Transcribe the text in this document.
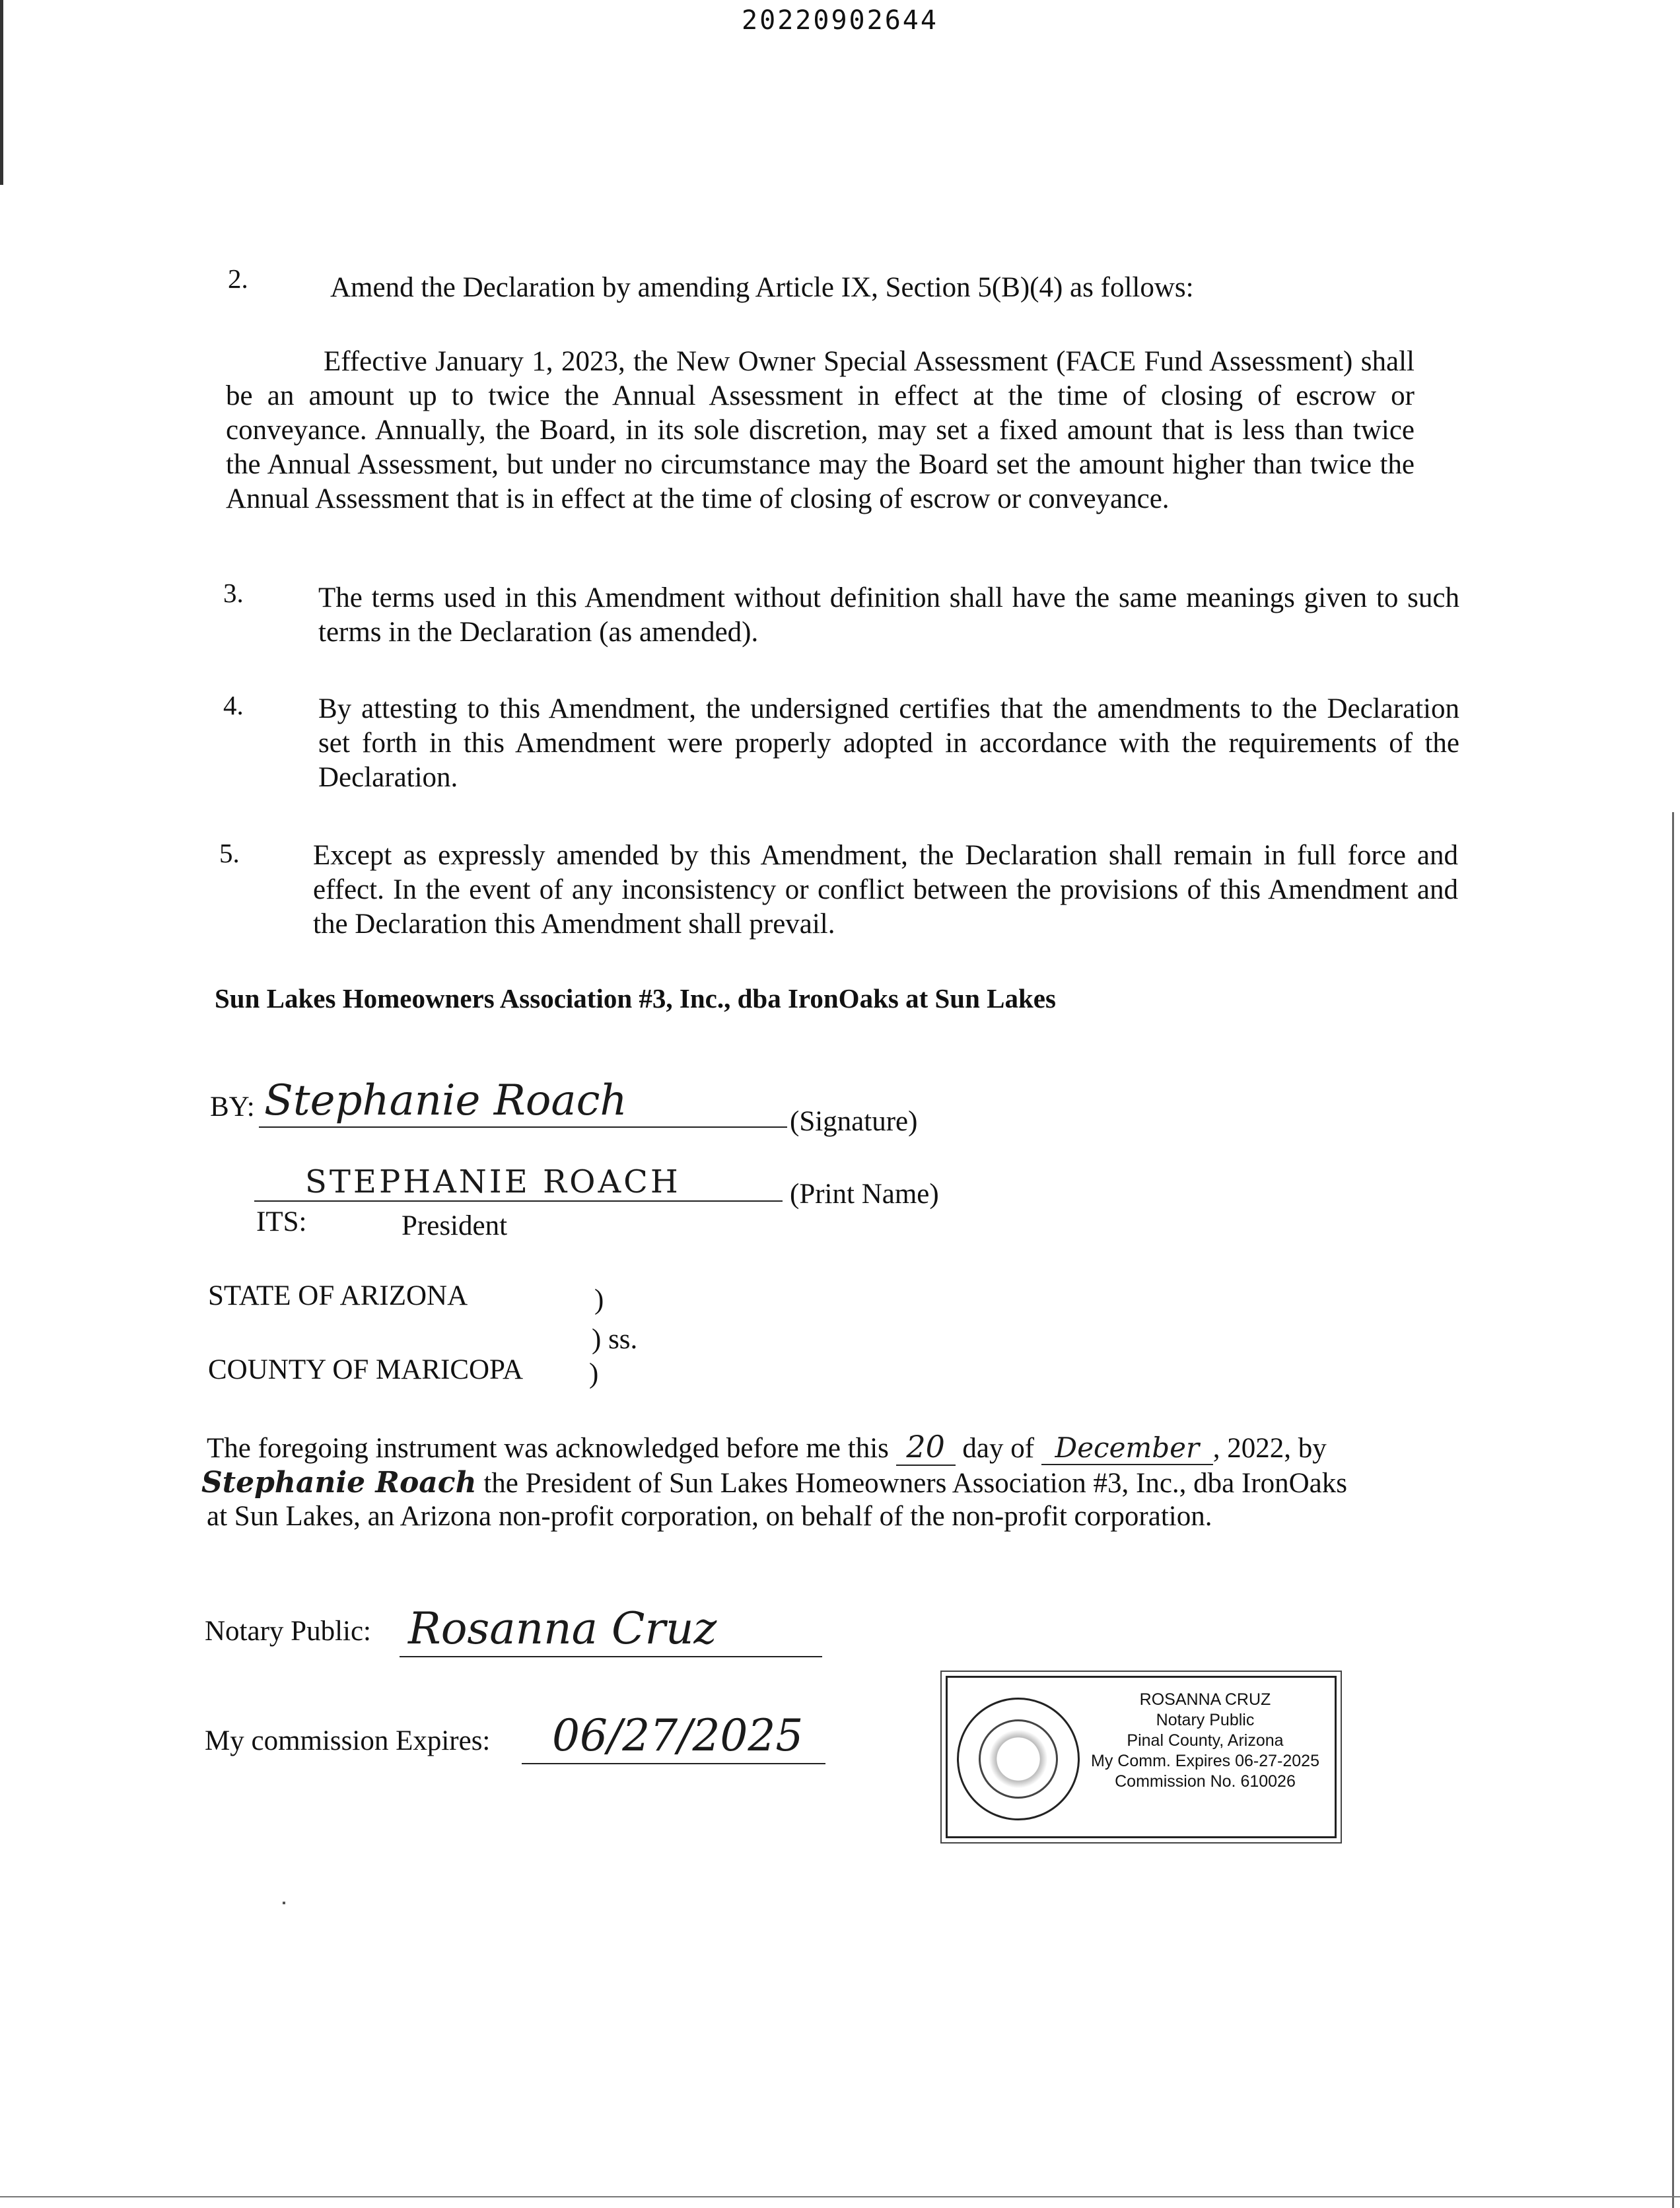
20220902644
2.	Amend the Declaration by amending Article IX, Section 5(B)(4) as follows:
Effective January 1, 2023, the New Owner Special Assessment (FACE Fund Assessment) shall be an amount up to twice the Annual Assessment in effect at the time of closing of escrow or conveyance. Annually, the Board, in its sole discretion, may set a fixed amount that is less than twice the Annual Assessment, but under no circumstance may the Board set the amount higher than twice the Annual Assessment that is in effect at the time of closing of escrow or conveyance.
3.	The terms used in this Amendment without definition shall have the same meanings given to such terms in the Declaration (as amended).
4.	By attesting to this Amendment, the undersigned certifies that the amendments to the Declaration set forth in this Amendment were properly adopted in accordance with the requirements of the Declaration.
5.	Except as expressly amended by this Amendment, the Declaration shall remain in full force and effect. In the event of any inconsistency or conflict between the provisions of this Amendment and the Declaration this Amendment shall prevail.
Sun Lakes Homeowners Association #3, Inc., dba IronOaks at Sun Lakes
BY: Stephanie Roach	(Signature)
STEPHANIE ROACH	(Print Name)
ITS:	President
STATE OF ARIZONA	)
) ss.
COUNTY OF MARICOPA )
The foregoing instrument was acknowledged before me this 20 day of December , 2022, by
Stephanie Roach the President of Sun Lakes Homeowners Association #3, Inc., dba IronOaks
at Sun Lakes, an Arizona non-profit corporation, on behalf of the non-profit corporation.
Notary Public: Rosanna Cruz
My commission Expires: 06/27/2025
ROSANNA CRUZ
Notary Public
Pinal County, Arizona
My Comm. Expires 06-27-2025
Commission No. 610026
